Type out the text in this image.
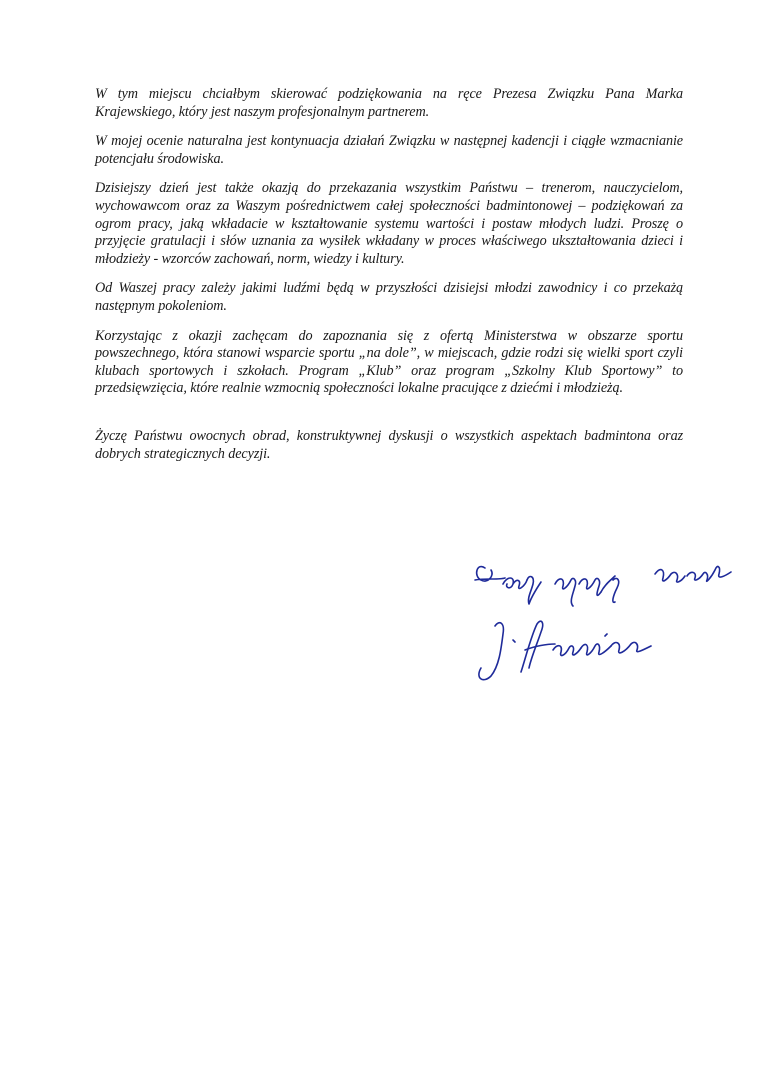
W tym miejscu chciałbym skierować podziękowania na ręce Prezesa Związku Pana Marka Krajewskiego, który jest naszym profesjonalnym partnerem.

W mojej ocenie naturalna jest kontynuacja działań Związku w następnej kadencji i ciągłe wzmacnianie potencjału środowiska.

Dzisiejszy dzień jest także okazją do przekazania wszystkim Państwu – trenerom, nauczycielom, wychowawcom oraz za Waszym pośrednictwem całej społeczności badmintonowej – podziękowań za ogrom pracy, jaką wkładacie w kształtowanie systemu wartości i postaw młodych ludzi. Proszę o przyjęcie gratulacji i słów uznania za wysiłek wkładany w proces właściwego ukształtowania dzieci i młodzieży - wzorców zachowań, norm, wiedzy i kultury.

Od Waszej pracy zależy jakimi ludźmi będą w przyszłości dzisiejsi młodzi zawodnicy i co przekażą następnym pokoleniom.

Korzystając z okazji zachęcam do zapoznania się z ofertą Ministerstwa w obszarze sportu powszechnego, która stanowi wsparcie sportu „na dole”, w miejscach, gdzie rodzi się wielki sport czyli klubach sportowych i szkołach. Program „Klub” oraz program „Szkolny Klub Sportowy” to przedsięwzięcia, które realnie wzmocnią społeczności lokalne pracujące z dziećmi i młodzieżą.

Życzę Państwu owocnych obrad, konstruktywnej dyskusji o wszystkich aspektach badmintona oraz dobrych strategicznych decyzji.
